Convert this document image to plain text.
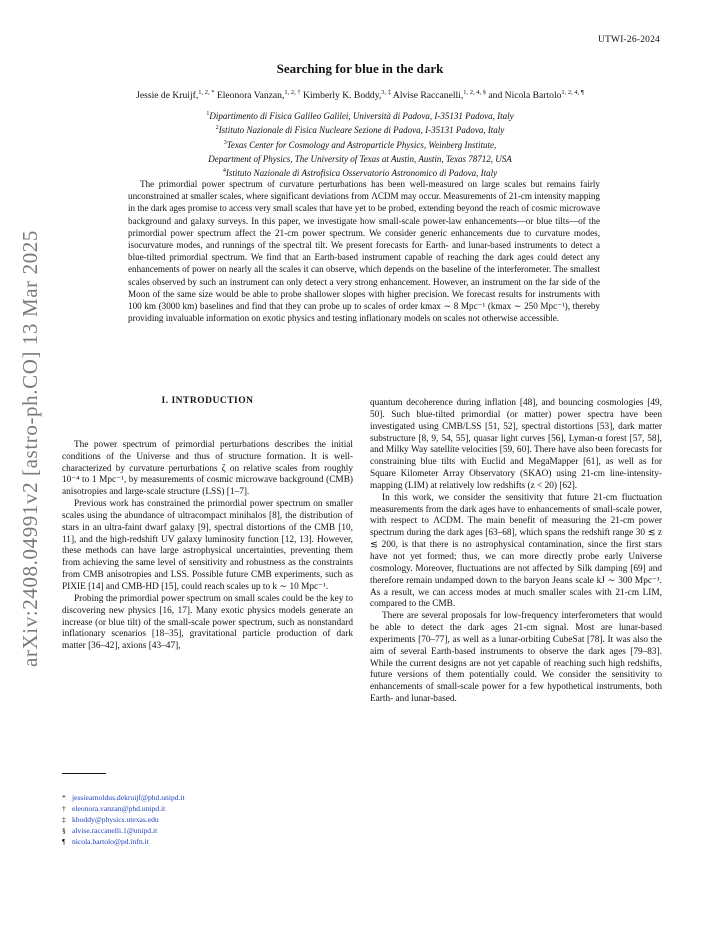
UTWI-26-2024
arXiv:2408.04991v2 [astro-ph.CO] 13 Mar 2025
Searching for blue in the dark
Jessie de Kruijf,$^{1, 2, *}$ Eleonora Vanzan,$^{1, 2, \dagger}$ Kimberly K. Boddy,$^{3, \ddagger}$ Alvise Raccanelli,$^{1, 2, 4, \S}$ and Nicola Bartolo$^{1, 2, 4, \P}$
$^1$Dipartimento di Fisica Galileo Galilei, Università di Padova, I-35131 Padova, Italy
$^2$Istituto Nazionale di Fisica Nucleare Sezione di Padova, I-35131 Padova, Italy
$^3$Texas Center for Cosmology and Astroparticle Physics, Weinberg Institute,
Department of Physics, The University of Texas at Austin, Austin, Texas 78712, USA
$^4$Istituto Nazionale di Astrofisica Osservatorio Astronomico di Padova, Italy

The primordial power spectrum of curvature perturbations has been well-measured on large scales but remains fairly unconstrained at smaller scales, where significant deviations from ΛCDM may occur. Measurements of 21-cm intensity mapping in the dark ages promise to access very small scales that have yet to be probed, extending beyond the reach of cosmic microwave background and galaxy surveys. In this paper, we investigate how small-scale power-law enhancements—or blue tilts—of the primordial power spectrum affect the 21-cm power spectrum. We consider generic enhancements due to curvature modes, isocurvature modes, and runnings of the spectral tilt. We present forecasts for Earth- and lunar-based instruments to detect a blue-tilted primordial spectrum. We find that an Earth-based instrument capable of reaching the dark ages could detect any enhancements of power on nearly all the scales it can observe, which depends on the baseline of the interferometer. The smallest scales observed by such an instrument can only detect a very strong enhancement. However, an instrument on the far side of the Moon of the same size would be able to probe shallower slopes with higher precision. We forecast results for instruments with 100 km (3000 km) baselines and find that they can probe up to scales of order kmax ∼ 8 Mpc⁻¹ (kmax ∼ 250 Mpc⁻¹), thereby providing invaluable information on exotic physics and testing inflationary models on scales not otherwise accessible.

I. INTRODUCTION

The power spectrum of primordial perturbations describes the initial conditions of the Universe and thus of structure formation. It is well-characterized by curvature perturbations ζ on relative scales from roughly 10⁻⁴ to 1 Mpc⁻¹, by measurements of cosmic microwave background (CMB) anisotropies and large-scale structure (LSS) [1–7].

Previous work has constrained the primordial power spectrum on smaller scales using the abundance of ultracompact minihalos [8], the distribution of stars in an ultra-faint dwarf galaxy [9], spectral distortions of the CMB [10, 11], and the high-redshift UV galaxy luminosity function [12, 13]. However, these methods can have large astrophysical uncertainties, preventing them from achieving the same level of sensitivity and robustness as the constraints from CMB anisotropies and LSS. Possible future CMB experiments, such as PIXIE [14] and CMB-HD [15], could reach scales up to k ∼ 10 Mpc⁻¹.

Probing the primordial power spectrum on small scales could be the key to discovering new physics [16, 17]. Many exotic physics models generate an increase (or blue tilt) of the small-scale power spectrum, such as nonstandard inflationary scenarios [18–35], gravitational particle production of dark matter [36–42], axions [43–47],

quantum decoherence during inflation [48], and bouncing cosmologies [49, 50]. Such blue-tilted primordial (or matter) power spectra have been investigated using CMB/LSS [51, 52], spectral distortions [53], dark matter substructure [8, 9, 54, 55], quasar light curves [56], Lyman-α forest [57, 58], and Milky Way satellite velocities [59, 60]. There have also been forecasts for constraining blue tilts with Euclid and MegaMapper [61], as well as for Square Kilometer Array Observatory (SKAO) using 21-cm line-intensity-mapping (LIM) at relatively low redshifts (z < 20) [62].

In this work, we consider the sensitivity that future 21-cm fluctuation measurements from the dark ages have to enhancements of small-scale power, with respect to ΛCDM. The main benefit of measuring the 21-cm power spectrum during the dark ages [63–68], which spans the redshift range 30 ≲ z ≲ 200, is that there is no astrophysical contamination, since the first stars have not yet formed; thus, we can more directly probe early Universe cosmology. Moreover, fluctuations are not affected by Silk damping [69] and therefore remain undamped down to the baryon Jeans scale kJ ∼ 300 Mpc⁻¹. As a result, we can access modes at much smaller scales with 21-cm LIM, compared to the CMB.

There are several proposals for low-frequency interferometers that would be able to detect the dark ages 21-cm signal. Most are lunar-based experiments [70–77], as well as a lunar-orbiting CubeSat [78]. It was also the aim of several Earth-based instruments to observe the dark ages [79–83]. While the current designs are not yet capable of reaching such high redshifts, future versions of them potentially could. We consider the sensitivity to enhancements of small-scale power for a few hypothetical instruments, both Earth- and lunar-based.

* jessiearnoldus.dekruijf@phd.unipd.it
† eleonora.vanzan@phd.unipd.it
‡ kboddy@physics.utexas.edu
§ alvise.raccanelli.1@unipd.it
¶ nicola.bartolo@pd.infn.it
